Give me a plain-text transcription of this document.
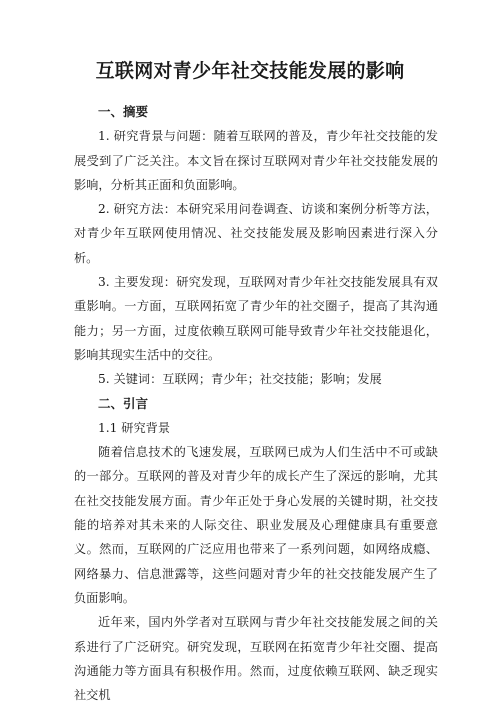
互联网对青少年社交技能发展的影响
一、摘要

1. 研究背景与问题：随着互联网的普及，青少年社交技能的发展受到了广泛关注。本文旨在探讨互联网对青少年社交技能发展的影响，分析其正面和负面影响。

2. 研究方法：本研究采用问卷调查、访谈和案例分析等方法，对青少年互联网使用情况、社交技能发展及影响因素进行深入分析。

3. 主要发现：研究发现，互联网对青少年社交技能发展具有双重影响。一方面，互联网拓宽了青少年的社交圈子，提高了其沟通能力；另一方面，过度依赖互联网可能导致青少年社交技能退化，影响其现实生活中的交往。

5. 关键词：互联网；青少年；社交技能；影响；发展

二、引言
1.1 研究背景

随着信息技术的飞速发展，互联网已成为人们生活中不可或缺的一部分。互联网的普及对青少年的成长产生了深远的影响，尤其在社交技能发展方面。青少年正处于身心发展的关键时期，社交技能的培养对其未来的人际交往、职业发展及心理健康具有重要意义。然而，互联网的广泛应用也带来了一系列问题，如网络成瘾、网络暴力、信息泄露等，这些问题对青少年的社交技能发展产生了负面影响。

近年来，国内外学者对互联网与青少年社交技能发展之间的关系进行了广泛研究。研究发现，互联网在拓宽青少年社交圈、提高沟通能力等方面具有积极作用。然而，过度依赖互联网、缺乏现实社交机
